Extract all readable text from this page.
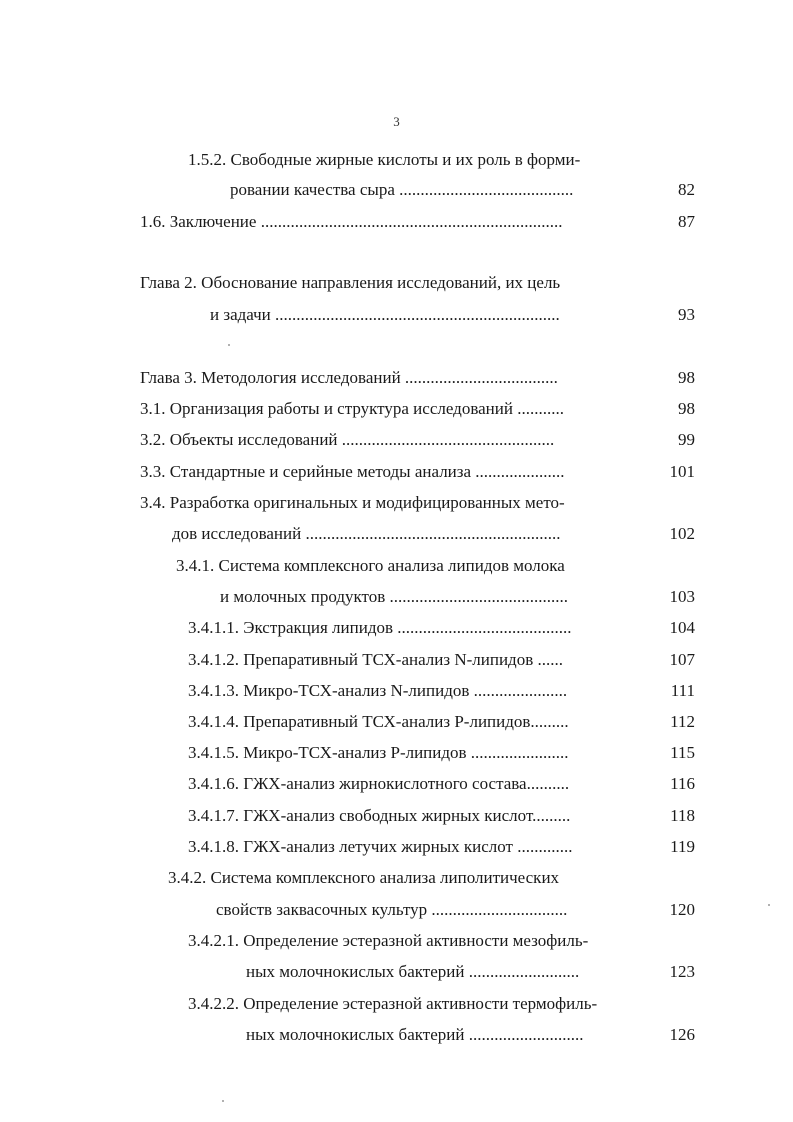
3
1.5.2. Свободные жирные кислоты и их роль в форми-
ровании качества сыра .........................................	82
1.6. Заключение .......................................................................	87
Глава 2. Обоснование направления исследований, их цель
и задачи ...................................................................	93
Глава 3. Методология исследований ....................................	98
3.1. Организация работы и структура исследований ...........	98
3.2. Объекты исследований ..................................................	99
3.3. Стандартные и серийные методы анализа .....................	101
3.4. Разработка оригинальных и модифицированных мето-
дов исследований ............................................................	102
3.4.1. Система комплексного анализа липидов молока
и молочных продуктов ..........................................	103
3.4.1.1. Экстракция липидов .........................................	104
3.4.1.2. Препаративный ТСХ-анализ N-липидов ......	107
3.4.1.3. Микро-ТСХ-анализ N-липидов ......................	111
3.4.1.4. Препаративный ТСХ-анализ Р-липидов.........	112
3.4.1.5. Микро-ТСХ-анализ Р-липидов .......................	115
3.4.1.6. ГЖХ-анализ жирнокислотного состава..........	116
3.4.1.7. ГЖХ-анализ свободных жирных кислот.........	118
3.4.1.8. ГЖХ-анализ летучих жирных кислот .............	119
3.4.2. Система комплексного анализа липолитических
свойств заквасочных культур ................................	120
3.4.2.1. Определение эстеразной активности мезофиль-
ных молочнокислых бактерий ..........................	123
3.4.2.2. Определение эстеразной активности термофиль-
ных молочнокислых бактерий ...........................	126
